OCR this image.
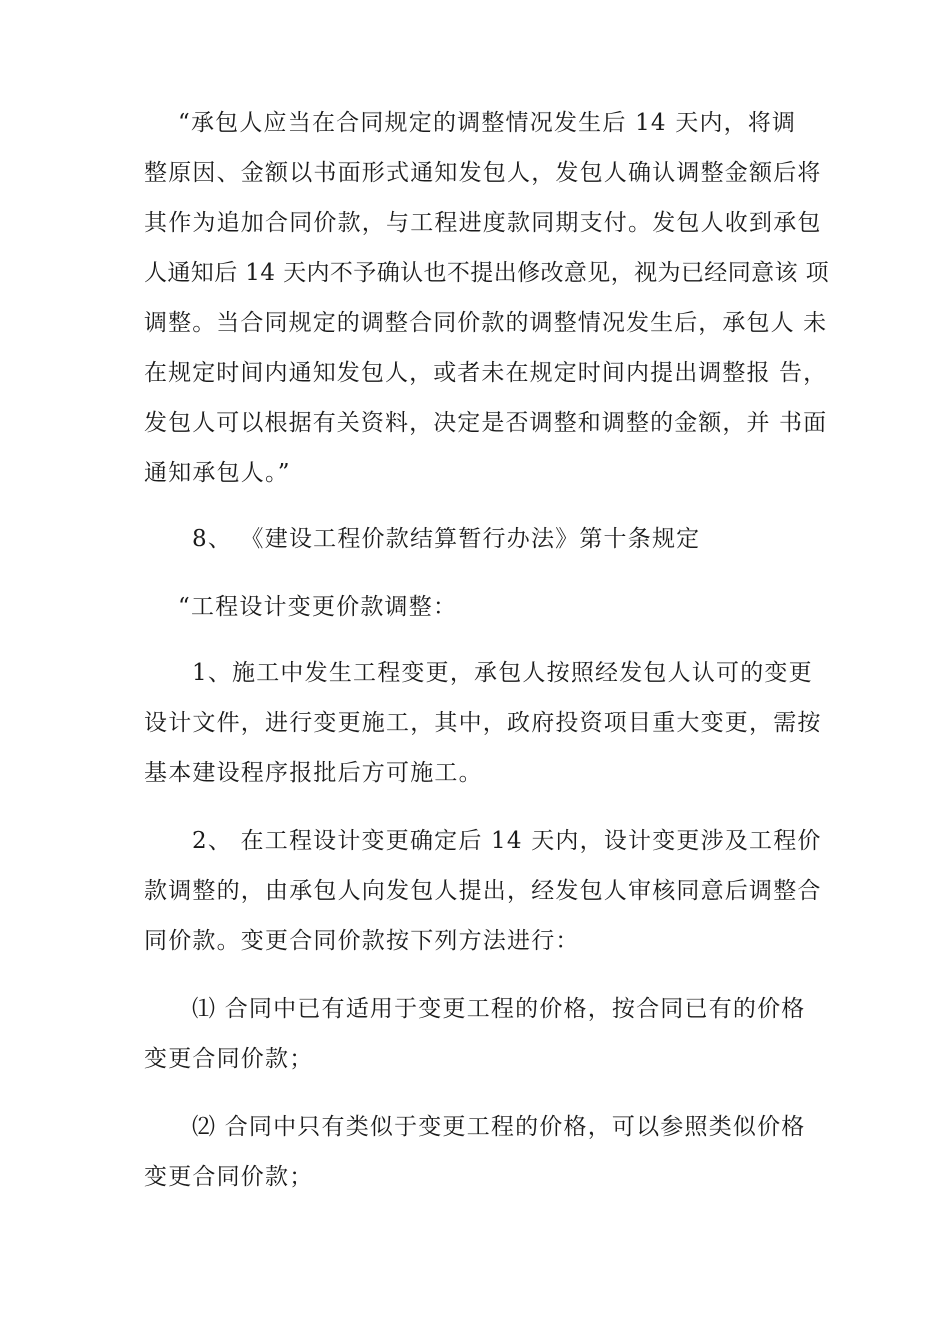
“承包人应当在合同规定的调整情况发生后 14 天内，将调
整原因、金额以书面形式通知发包人，发包人确认调整金额后将
其作为追加合同价款，与工程进度款同期支付。发包人收到承包
人通知后 14 天内不予确认也不提出修改意见，视为已经同意该 项
调整。当合同规定的调整合同价款的调整情况发生后，承包人 未
在规定时间内通知发包人，或者未在规定时间内提出调整报 告，
发包人可以根据有关资料，决定是否调整和调整的金额，并 书面
通知承包人。”
8、 《建设工程价款结算暂行办法》第十条规定
“工程设计变更价款调整：
1、施工中发生工程变更，承包人按照经发包人认可的变更
设计文件，进行变更施工，其中，政府投资项目重大变更，需按
基本建设程序报批后方可施工。
2、 在工程设计变更确定后 14 天内，设计变更涉及工程价
款调整的，由承包人向发包人提出，经发包人审核同意后调整合
同价款。变更合同价款按下列方法进行：
⑴ 合同中已有适用于变更工程的价格，按合同已有的价格
变更合同价款；
⑵ 合同中只有类似于变更工程的价格，可以参照类似价格
变更合同价款；
